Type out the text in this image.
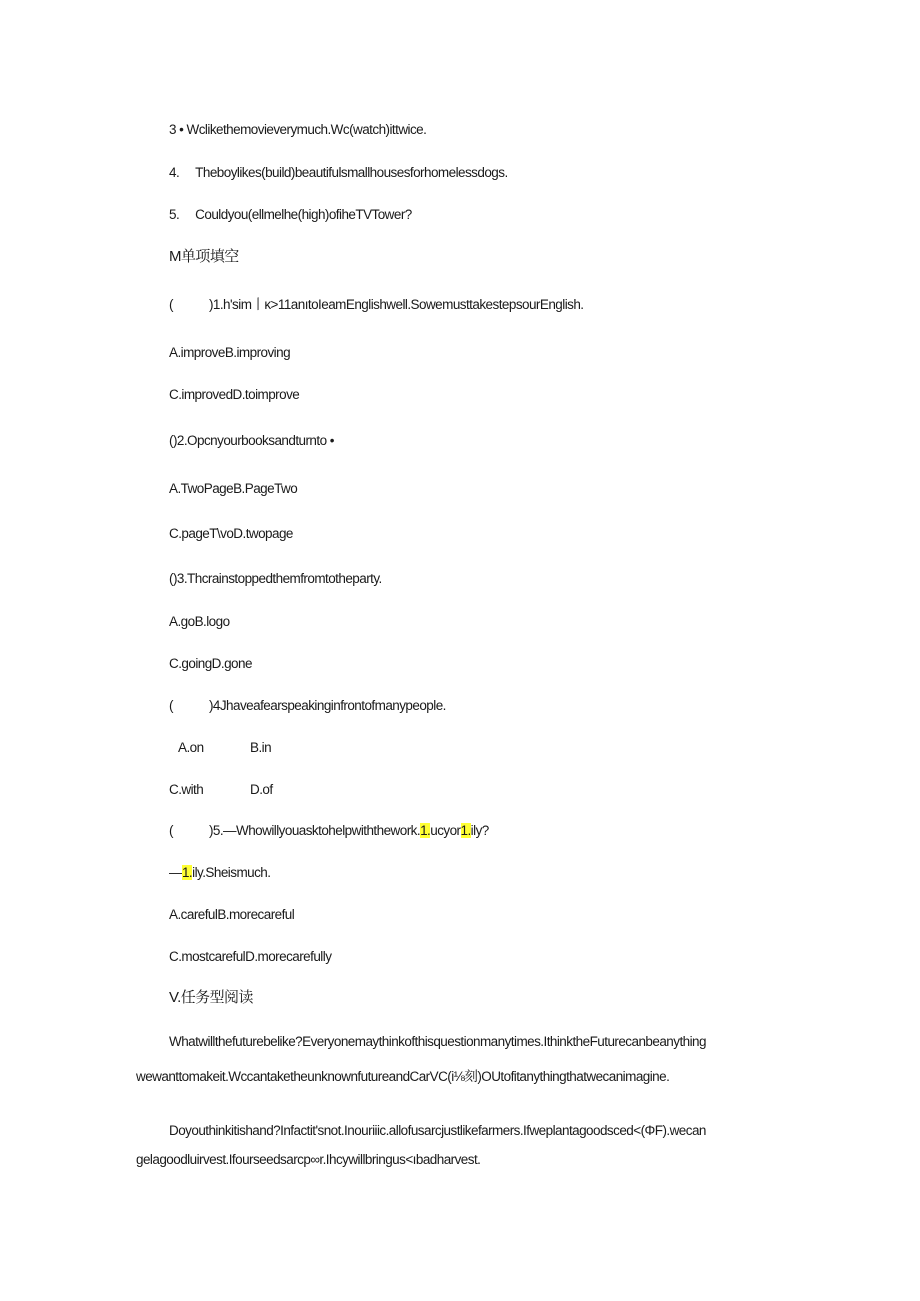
3 • Wclikethemovieverymuch.Wc(watch)ittwice.
4. Theboylikes(build)beautifulsmallhousesforhomelessdogs.
5. Couldyou(ellmelhe(high)ofiheTVTower?
M单项填空
(	)1.h'sim丨κ>11anıtoIeamEnglishwell.SowemusttakestepsourEnglish.
A.improveB.improving
C.improvedD.toimprove
()2.Opcnyourbooksandturnto •
A.TwoPageB.PageTwo
C.pageT\voD.twopage
()3.Thcrainstoppedthemfromtotheparty.
A.goB.logo
C.goingD.gone
(	)4Jhaveafearspeakinginfrontofmanypeople.
A.on	B.in
C.with	D.of
(	)5.—Whowillyouasktohelpwiththework.1.ucyor1.ily?
—1.ily.Sheismuch.
A.carefulB.morecareful
C.mostcarefulD.morecarefully
V.任务型阅读
Whatwillthefuturebelike?Everyonemaythinkofthisquestionmanytimes.IthinktheFuturecanbeanything
wewanttomakeit.WccantaketheunknownfutureandCarVC(i⅛刻)OUtofitanythingthatwecanimagine.
Doyouthinkitishand?Infactit'snot.Inouriiic.allofusarcjustlikefarmers.Ifweplantagoodsced<(ΦF).wecan
gelagoodluirvest.Ifourseedsarcp∞r.Ihcywillbringus<ıbadharvest.
